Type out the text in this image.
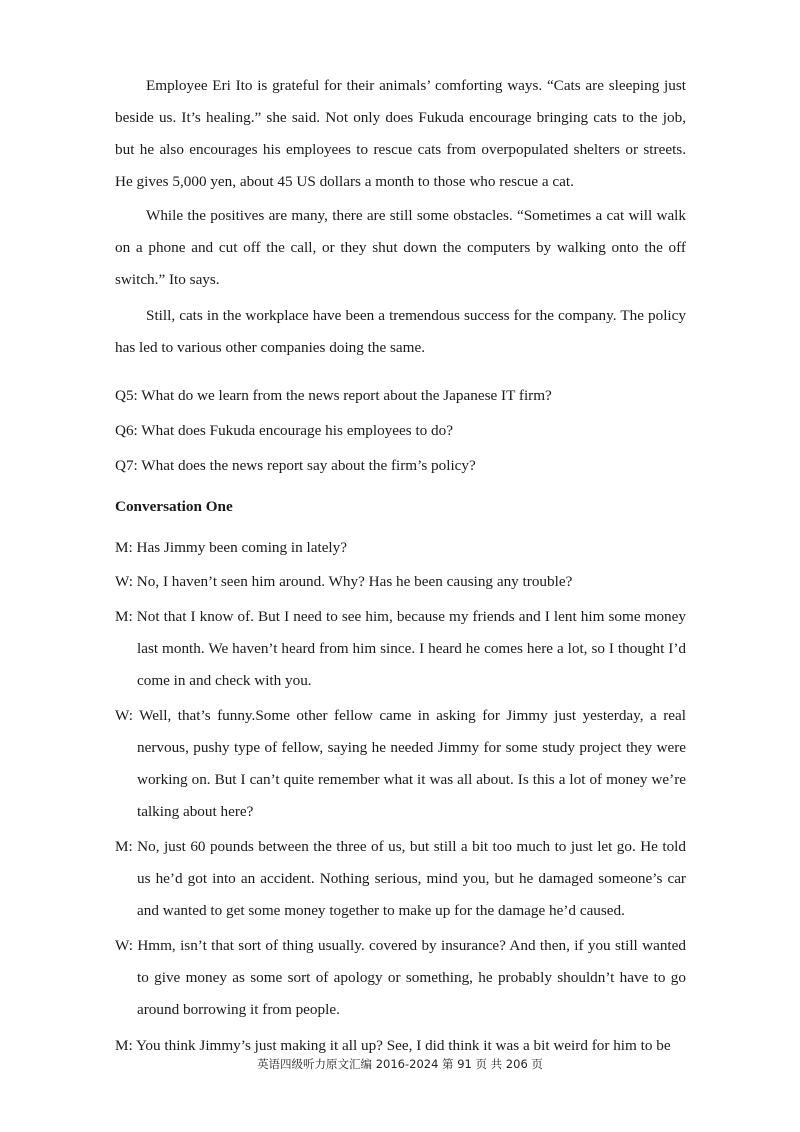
Employee Eri Ito is grateful for their animals’ comforting ways. “Cats are sleeping just beside us. It’s healing.” she said. Not only does Fukuda encourage bringing cats to the job, but he also encourages his employees to rescue cats from overpopulated shelters or streets. He gives 5,000 yen, about 45 US dollars a month to those who rescue a cat.

While the positives are many, there are still some obstacles. “Sometimes a cat will walk on a phone and cut off the call, or they shut down the computers by walking onto the off switch.” Ito says.

Still, cats in the workplace have been a tremendous success for the company. The policy has led to various other companies doing the same.

Q5: What do we learn from the news report about the Japanese IT firm?

Q6: What does Fukuda encourage his employees to do?

Q7: What does the news report say about the firm’s policy?

Conversation One

M: Has Jimmy been coming in lately?

W: No, I haven’t seen him around. Why? Has he been causing any trouble?

M: Not that I know of. But I need to see him, because my friends and I lent him some money last month. We haven’t heard from him since. I heard he comes here a lot, so I thought I’d come in and check with you.

W: Well, that’s funny.Some other fellow came in asking for Jimmy just yesterday, a real nervous, pushy type of fellow, saying he needed Jimmy for some study project they were working on. But I can’t quite remember what it was all about. Is this a lot of money we’re talking about here?

M: No, just 60 pounds between the three of us, but still a bit too much to just let go. He told us he’d got into an accident. Nothing serious, mind you, but he damaged someone’s car and wanted to get some money together to make up for the damage he’d caused.

W: Hmm, isn’t that sort of thing usually. covered by insurance? And then, if you still wanted to give money as some sort of apology or something, he probably shouldn’t have to go around borrowing it from people.

M: You think Jimmy’s just making it all up? See, I did think it was a bit weird for him to be

英语四级听力原文汇编 2016-2024 第 91 页 共 206 页
